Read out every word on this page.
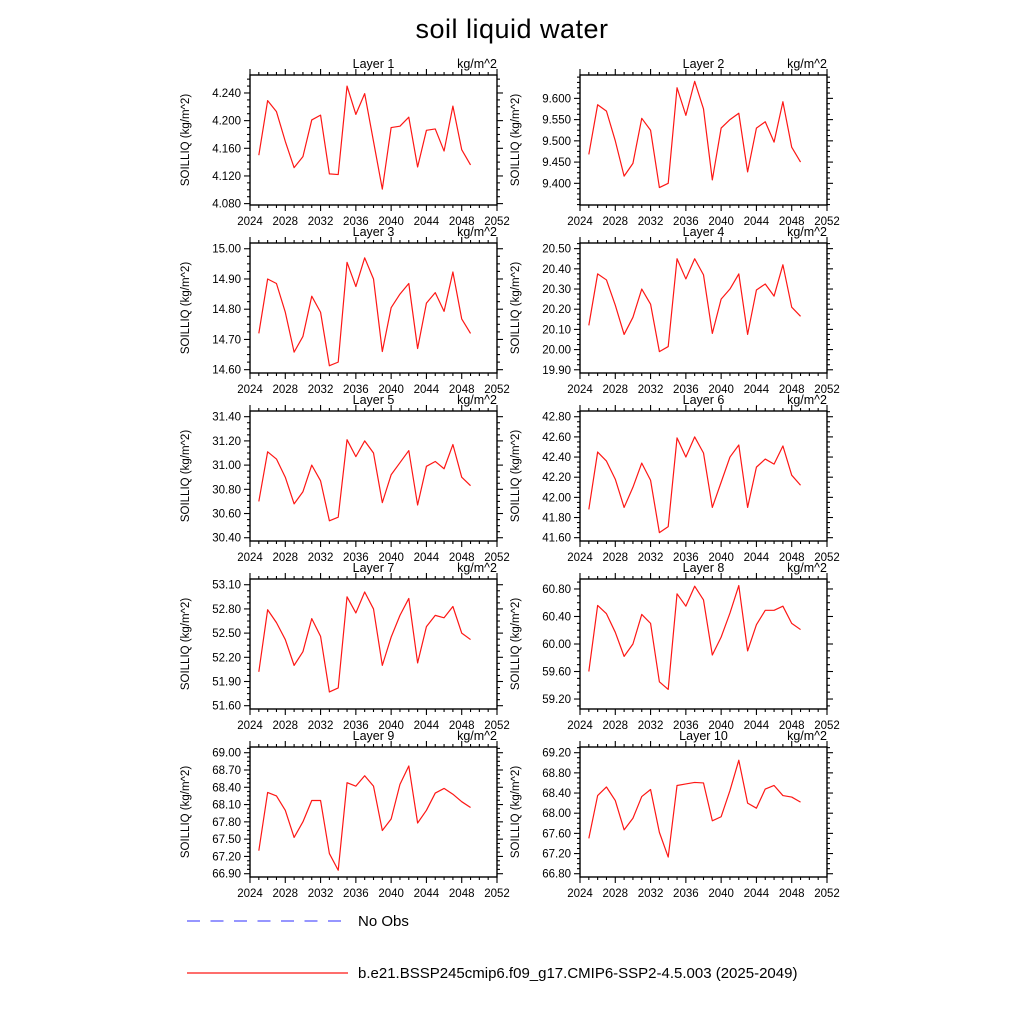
soil liquid water
2024 2028 2032 2036 2040 2044 2048 2052
4.080
4.120
4.160
4.200
4.240
Layer 1	kg/m^2
SOILLIQ (kg/m^2)
2024 2028 2032 2036 2040 2044 2048 2052
9.400
9.450
9.500
9.550
9.600
Layer 2	kg/m^2
SOILLIQ (kg/m^2)
2024 2028 2032 2036 2040 2044 2048 2052
14.60
14.70
14.80
14.90
15.00
Layer 3	kg/m^2
SOILLIQ (kg/m^2)
2024 2028 2032 2036 2040 2044 2048 2052
19.90
20.00
20.10
20.20
20.30
20.40
20.50
Layer 4	kg/m^2
SOILLIQ (kg/m^2)
2024 2028 2032 2036 2040 2044 2048 2052
30.40
30.60
30.80
31.00
31.20
31.40
Layer 5	kg/m^2
SOILLIQ (kg/m^2)
2024 2028 2032 2036 2040 2044 2048 2052
41.60
41.80
42.00
42.20
42.40
42.60
42.80
Layer 6	kg/m^2
SOILLIQ (kg/m^2)
2024 2028 2032 2036 2040 2044 2048 2052
51.60
51.90
52.20
52.50
52.80
53.10
Layer 7	kg/m^2
SOILLIQ (kg/m^2)
2024 2028 2032 2036 2040 2044 2048 2052
59.20
59.60
60.00
60.40
60.80
Layer 8	kg/m^2
SOILLIQ (kg/m^2)
2024 2028 2032 2036 2040 2044 2048 2052
66.90
67.20
67.50
67.80
68.10
68.40
68.70
69.00
Layer 9	kg/m^2
SOILLIQ (kg/m^2)
2024 2028 2032 2036 2040 2044 2048 2052
66.80
67.20
67.60
68.00
68.40
68.80
69.20
Layer 10	kg/m^2
SOILLIQ (kg/m^2)
No Obs
b.e21.BSSP245cmip6.f09_g17.CMIP6-SSP2-4.5.003 (2025-2049)
